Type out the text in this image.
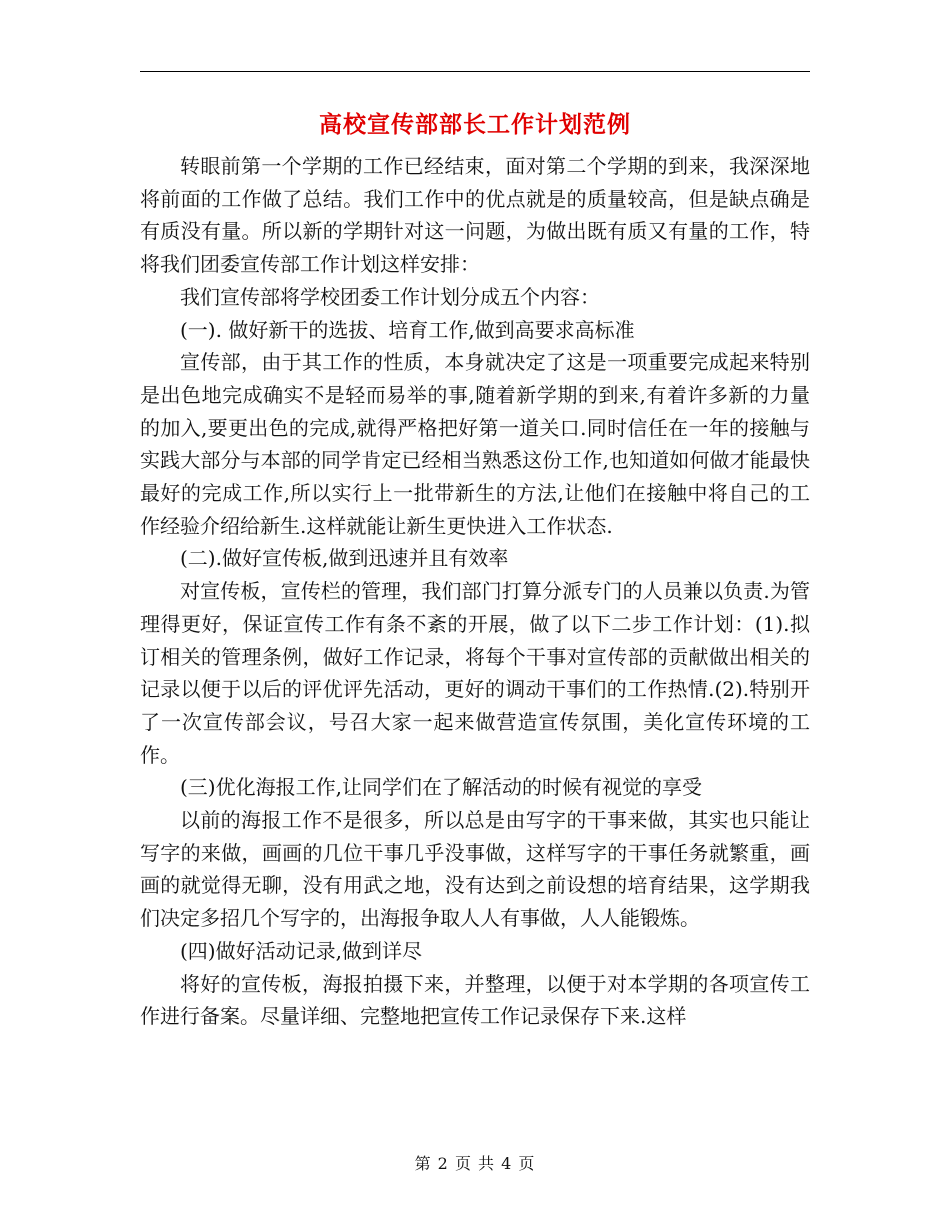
高校宣传部部长工作计划范例

转眼前第一个学期的工作已经结束，面对第二个学期的到来，我深深地将前面的工作做了总结。我们工作中的优点就是的质量较高，但是缺点确是有质没有量。所以新的学期针对这一问题，为做出既有质又有量的工作，特将我们团委宣传部工作计划这样安排：

我们宣传部将学校团委工作计划分成五个内容：

(一). 做好新干的选拔、培育工作,做到高要求高标准

宣传部，由于其工作的性质，本身就决定了这是一项重要完成起来特别是出色地完成确实不是轻而易举的事,随着新学期的到来,有着许多新的力量的加入,要更出色的完成,就得严格把好第一道关口.同时信任在一年的接触与实践大部分与本部的同学肯定已经相当熟悉这份工作,也知道如何做才能最快最好的完成工作,所以实行上一批带新生的方法,让他们在接触中将自己的工作经验介绍给新生.这样就能让新生更快进入工作状态.

(二).做好宣传板,做到迅速并且有效率

对宣传板，宣传栏的管理，我们部门打算分派专门的人员兼以负责.为管理得更好，保证宣传工作有条不紊的开展，做了以下二步工作计划：(1).拟订相关的管理条例，做好工作记录，将每个干事对宣传部的贡献做出相关的记录以便于以后的评优评先活动，更好的调动干事们的工作热情.(2).特别开了一次宣传部会议，号召大家一起来做营造宣传氛围，美化宣传环境的工作。

(三)优化海报工作,让同学们在了解活动的时候有视觉的享受

以前的海报工作不是很多，所以总是由写字的干事来做，其实也只能让写字的来做，画画的几位干事几乎没事做，这样写字的干事任务就繁重，画画的就觉得无聊，没有用武之地，没有达到之前设想的培育结果，这学期我们决定多招几个写字的，出海报争取人人有事做，人人能锻炼。

(四)做好活动记录,做到详尽

将好的宣传板，海报拍摄下来，并整理，以便于对本学期的各项宣传工作进行备案。尽量详细、完整地把宣传工作记录保存下来.这样

第 2 页 共 4 页
